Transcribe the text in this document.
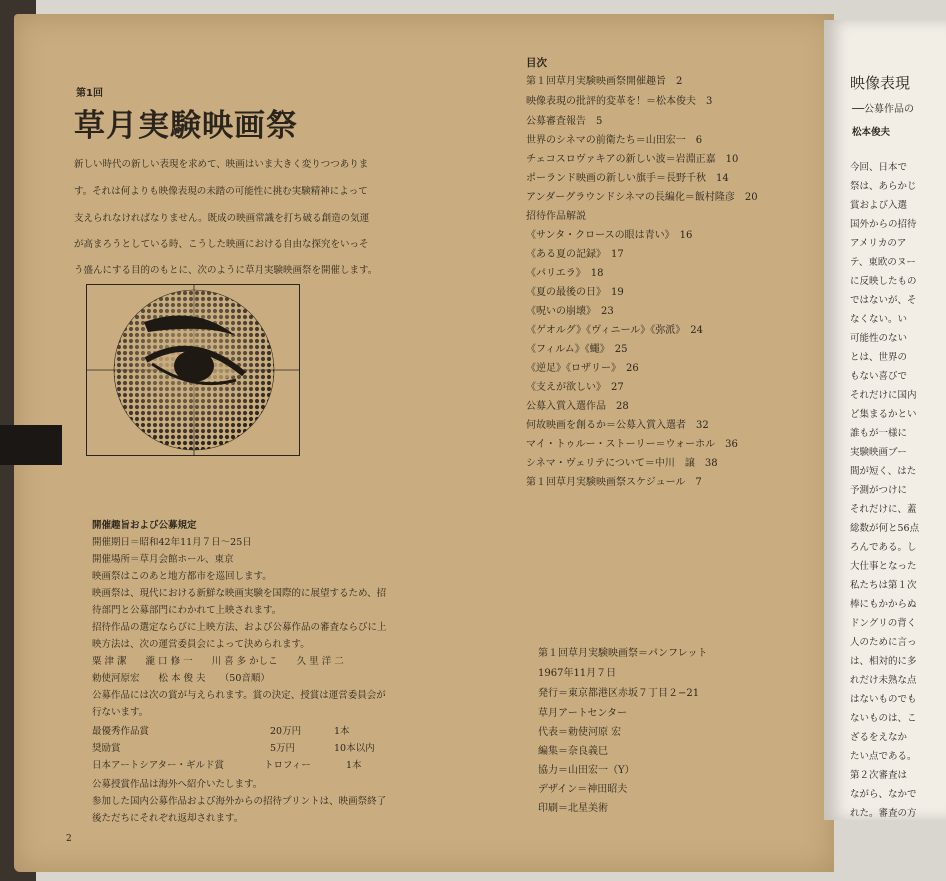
第1回
草月実験映画祭

新しい時代の新しい表現を求めて、映画はいま大きく変りつつありま

す。それは何よりも映像表現の未踏の可能性に挑む実験精神によって

支えられなければなりません。既成の映画常識を打ち破る創造の気運

が高まろうとしている時、こうした映画における自由な探究をいっそ

う盛んにする目的のもとに、次のように草月実験映画祭を開催します。

開催趣旨および公募規定
開催期日＝昭和42年11月７日〜25日
開催場所＝草月会館ホール、東京
映画祭はこのあと地方都市を巡回します。
映画祭は、現代における新鮮な映画実験を国際的に展望するため、招
待部門と公募部門にわかれて上映されます。
招待作品の選定ならびに上映方法、および公募作品の審査ならびに上
映方法は、次の運営委員会によって決められます。
粟 津 潔　　瀧 口 修 一　　川 喜 多 かしこ　　久 里 洋 二
勅使河原宏　　松 本 俊 夫　　（50音順）
公募作品には次の賞が与えられます。賞の決定、授賞は運営委員会が
行ないます。
最優秀作品賞	20万円	1本
奨励賞	5万円	10本以内
日本アートシアター・ギルド賞	トロフィー	1本
公募授賞作品は海外へ紹介いたします。
参加した国内公募作品および海外からの招待プリントは、映画祭終了
後ただちにそれぞれ返却されます。
2
目次
第１回草月実験映画祭開催趣旨　2
映像表現の批評的変革を！＝松本俊夫　3
公募審査報告　5
世界のシネマの前衛たち＝山田宏一　6
チェコスロヴァキアの新しい波＝岩淵正嘉　10
ポーランド映画の新しい旗手＝長野千秋　14
アンダーグラウンドシネマの長編化＝飯村隆彦　20
招待作品解説
《サンタ・クロースの眼は青い》　16
《ある夏の記録》　17
《パリエラ》　18
《夏の最後の日》　19
《呪いの崩壊》　23
《ゲオルグ》《ヴィニール》《弥派》　24
《フィルム》《蠅》　25
《逆足》《ロザリー》　26
《支えが欲しい》　27
公募入賞入選作品　28
何故映画を創るか＝公募入賞入選者　32
マイ・トゥルー・ストーリー＝ウォーホル　36
シネマ・ヴェリテについて＝中川　譲　38
第１回草月実験映画祭スケジュール　7
第１回草月実験映画祭＝パンフレット
1967年11月７日
発行＝東京都港区赤坂７丁目２−21
草月アートセンター
代表＝勅使河原 宏
編集＝奈良義巳
協力＝山田宏一（Y）
デザイン＝神田昭夫
印刷＝北星美術
映像表現
──公募作品の
松本俊夫
今回、日本で
祭は、あらかじ
賞および入選
国外からの招待
アメリカのア
テ、東欧のヌー
に反映したもの
ではないが、そ
なくない。い
可能性のない
とは、世界の
もない喜びで
それだけに国内
ど集まるかとい
誰もが一様に
実験映画ブー
間が短く、はた
予測がつけに
それだけに、蓋
総数が何と56点
ろんである。し
大仕事となった
私たちは第１次
棒にもかからぬ
ドングリの背く
人のために言っ
は、相対的に多
れだけ未熟な点
はないものでも
ないものは、こ
ざるをえなか
たい点である。
第２次審査は
ながら、なかで
れた。審査の方
